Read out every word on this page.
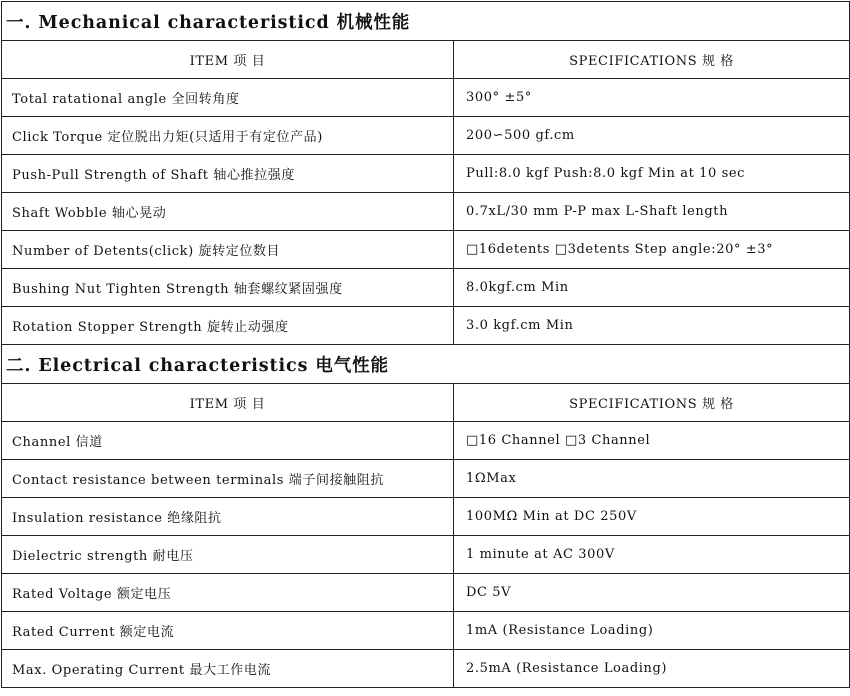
一. Mechanical characteristicd 机械性能	
ITEM 项 目	SPECIFICATIONS 规 格
Total ratational angle 全回转角度	300° ±5°
Click Torque 定位脱出力矩(只适用于有定位产品)	200∽500 gf.cm
Push-Pull Strength of Shaft 轴心推拉强度	Pull:8.0 kgf Push:8.0 kgf Min at 10 sec
Shaft Wobble 轴心晃动	0.7xL/30 mm P-P max L-Shaft length
Number of Detents(click) 旋转定位数目	□16detents □3detents Step angle:20° ±3°
Bushing Nut Tighten Strength 轴套螺纹紧固强度	8.0kgf.cm Min
Rotation Stopper Strength 旋转止动强度	3.0 kgf.cm Min
二. Electrical characteristics 电气性能	
ITEM 项 目	SPECIFICATIONS 规 格
Channel 信道	□16 Channel □3 Channel
Contact resistance between terminals 端子间接触阻抗	1ΩMax
Insulation resistance 绝缘阻抗	100MΩ Min at DC 250V
Dielectric strength 耐电压	1 minute at AC 300V
Rated Voltage 额定电压	DC 5V
Rated Current 额定电流	1mA (Resistance Loading)
Max. Operating Current 最大工作电流	2.5mA (Resistance Loading)
